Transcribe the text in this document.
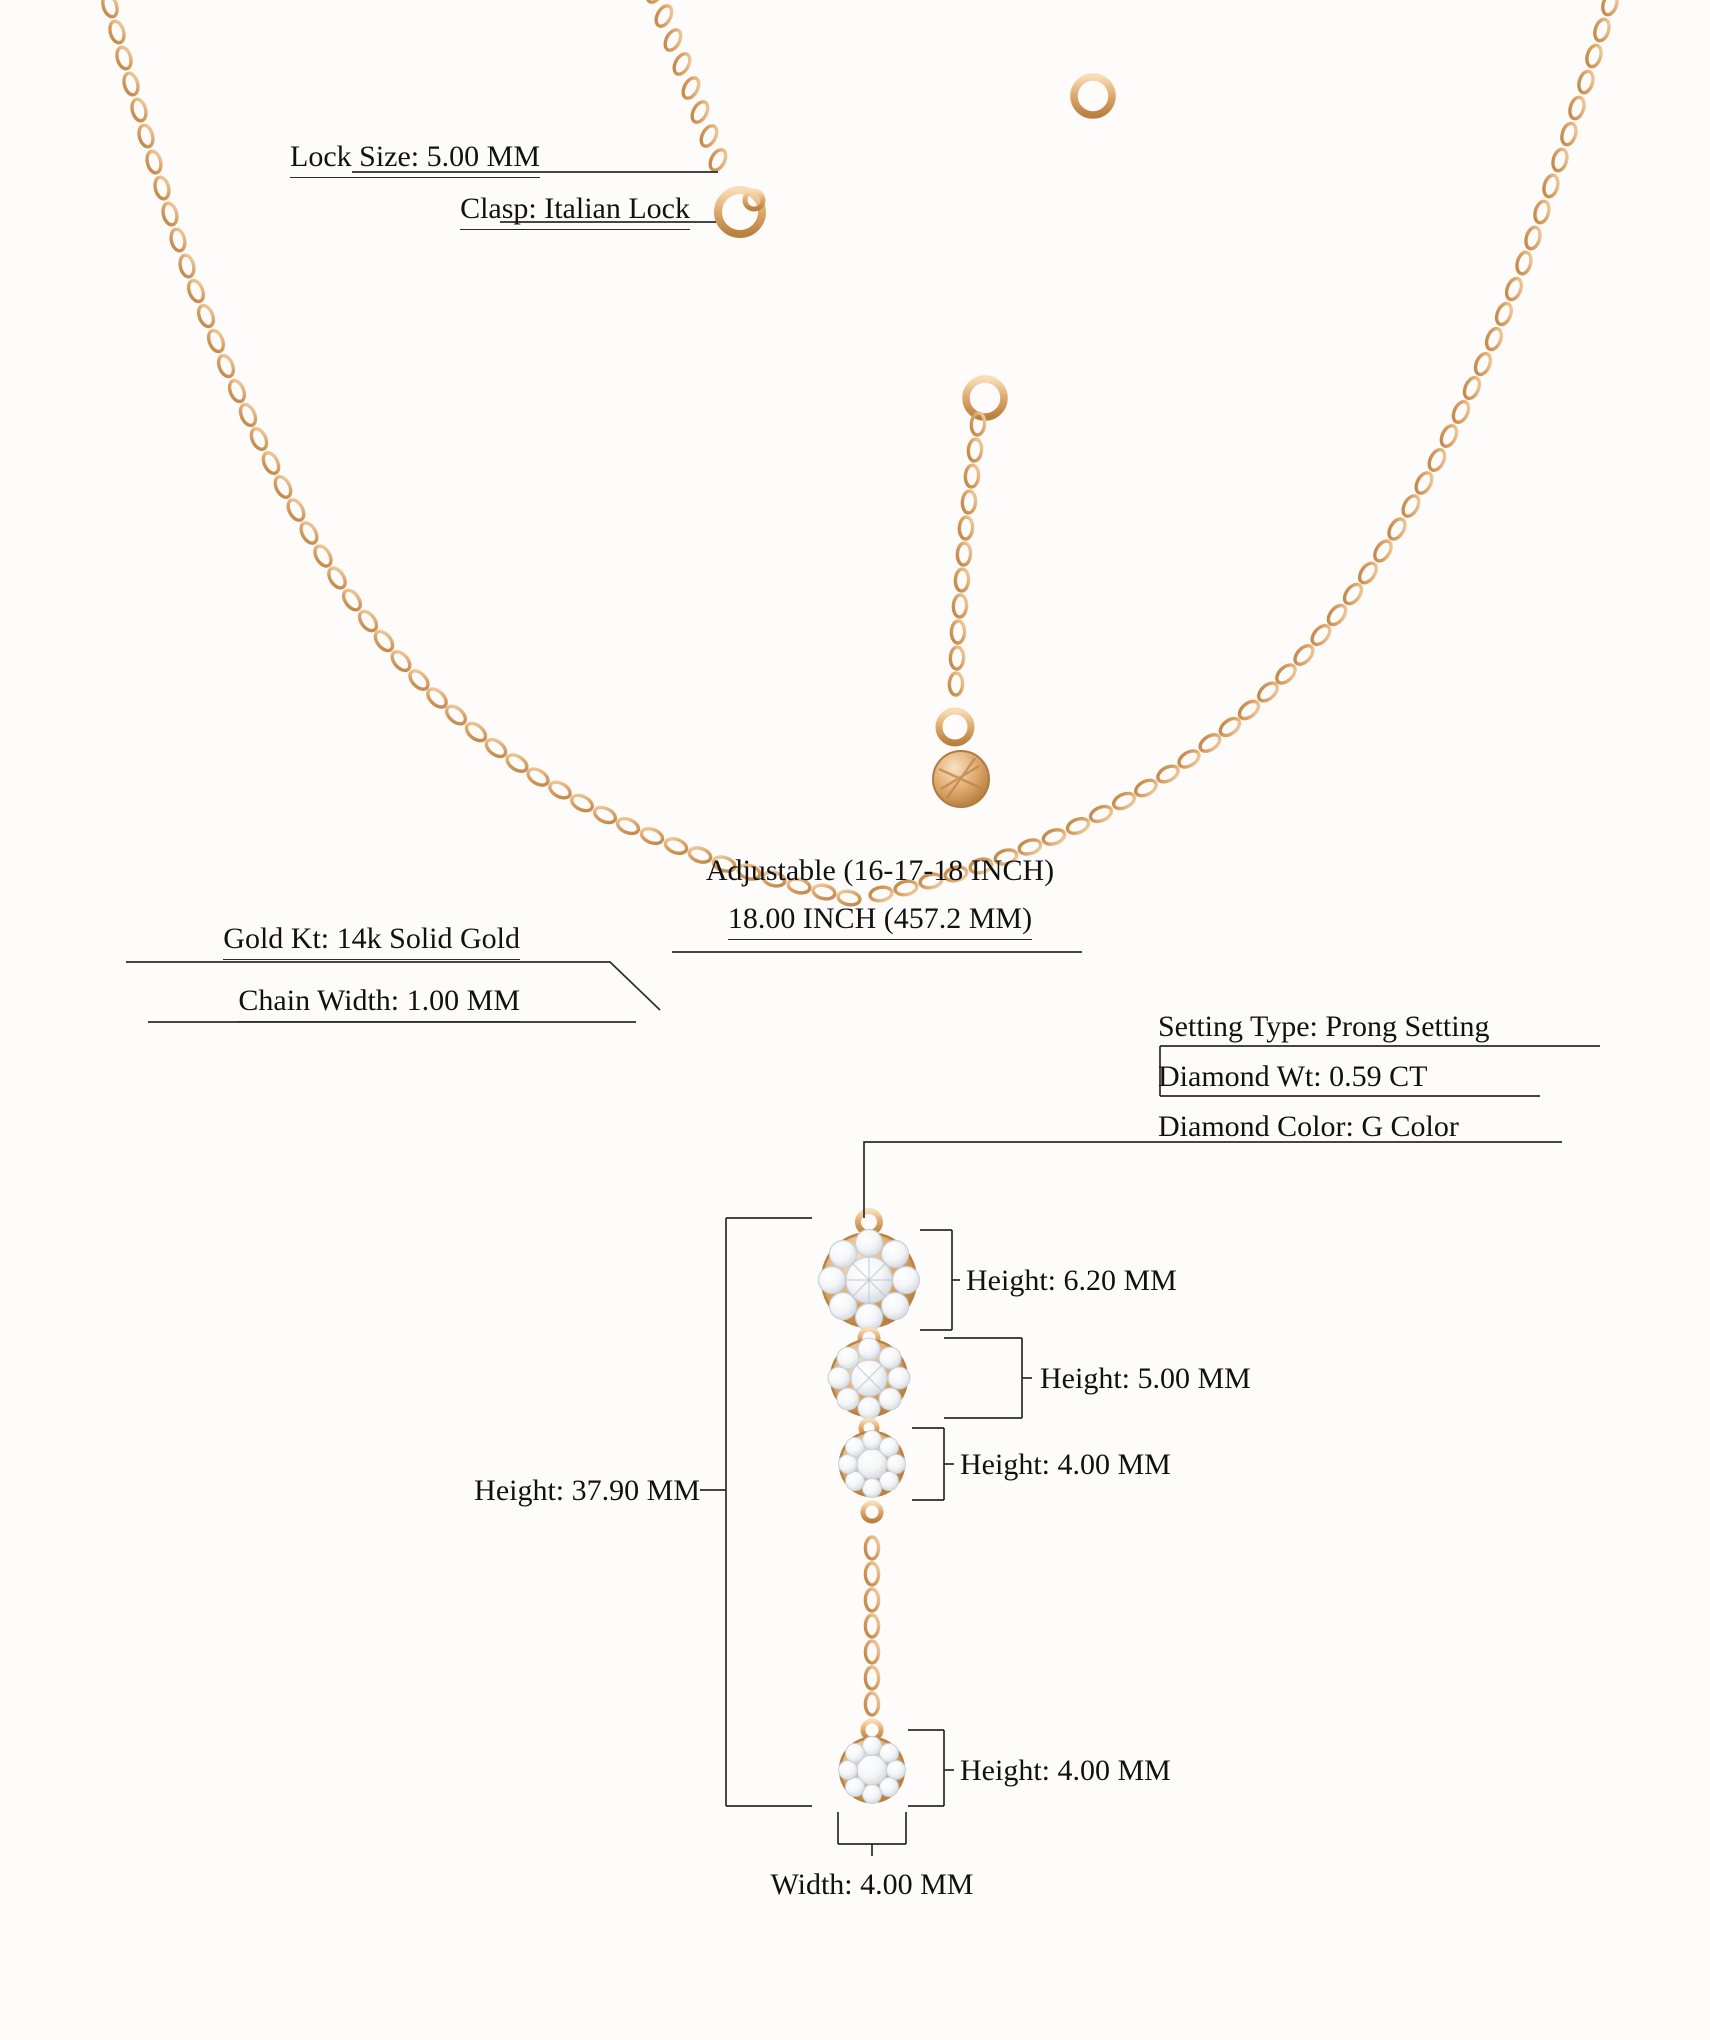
Lock Size: 5.00 MM
Clasp: Italian Lock
Adjustable (16-17-18 INCH)
18.00 INCH (457.2 MM)
Gold Kt: 14k Solid Gold
Chain Width: 1.00 MM
Setting Type: Prong Setting
Diamond Wt: 0.59 CT
Diamond Color: G Color
Height: 6.20 MM
Height: 5.00 MM
Height: 4.00 MM
Height: 4.00 MM
Height: 37.90 MM
Width: 4.00 MM
